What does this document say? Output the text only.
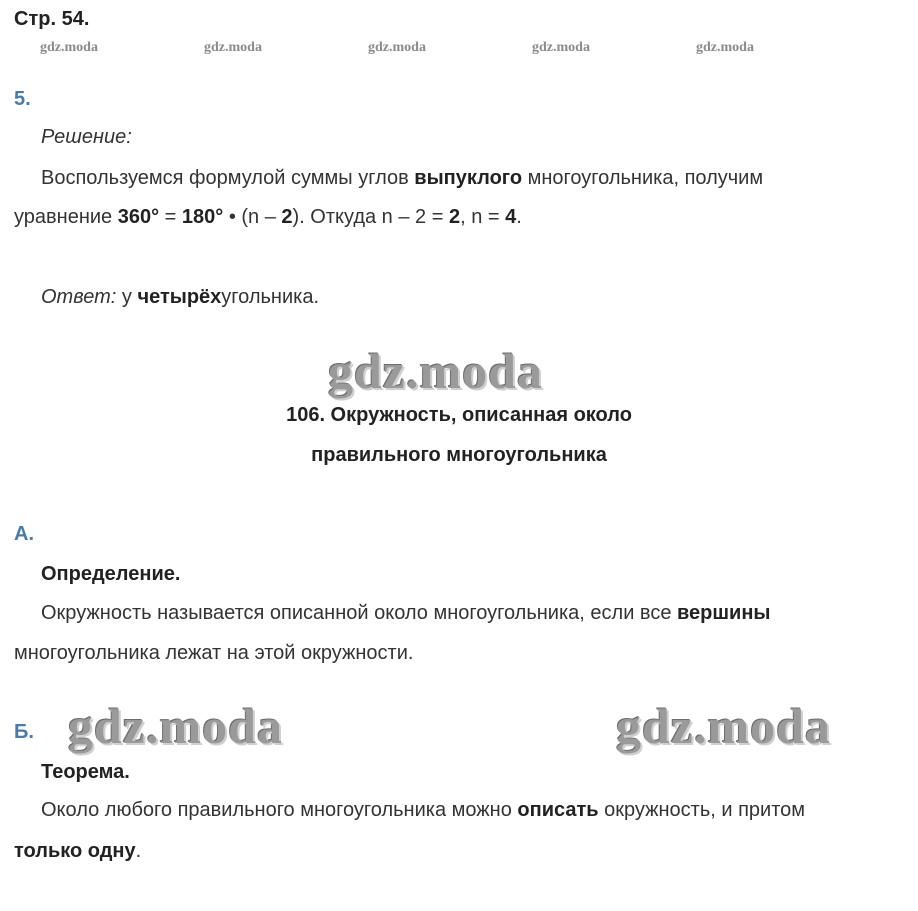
Стр. 54.
gdz.moda	gdz.moda	gdz.moda	gdz.moda	gdz.moda
5.
Решение:
Воспользуемся формулой суммы углов выпуклого многоугольника, получим
уравнение 360° = 180° • (n – 2). Откуда n – 2 = 2, n = 4.
Ответ: у четырёхугольника.
gdz.moda
106. Окружность, описанная около
правильного многоугольника
А.
Определение.
Окружность называется описанной около многоугольника, если все вершины
многоугольника лежат на этой окружности.
Б. gdz.moda	gdz.moda
Теорема.
Около любого правильного многоугольника можно описать окружность, и притом
только одну.
